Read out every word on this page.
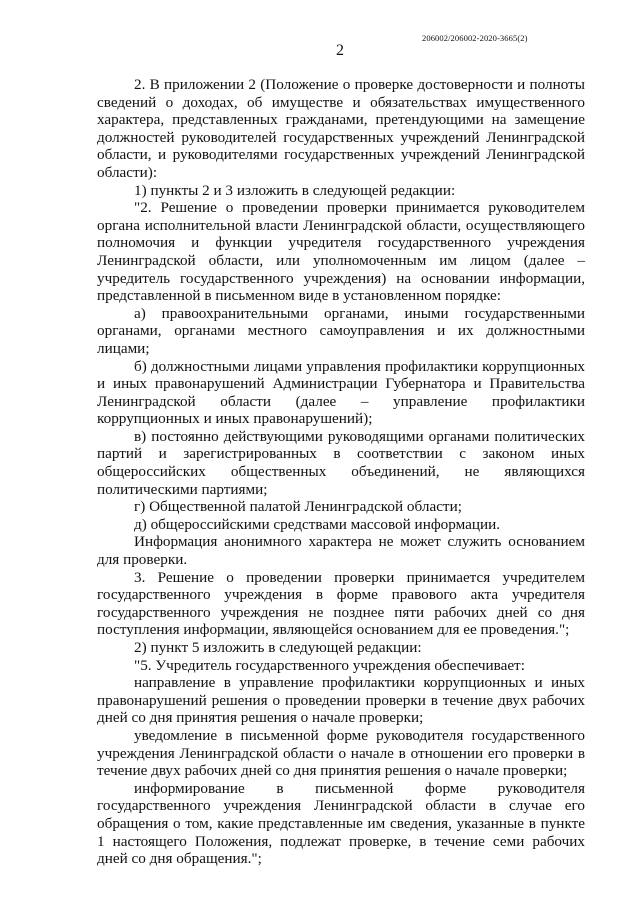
206002/206002-2020-3665(2)
2

2. В приложении 2 (Положение о проверке достоверности и полноты сведений о доходах, об имуществе и обязательствах имущественного характера, представленных гражданами, претендующими на замещение должностей руководителей государственных учреждений Ленинградской области, и руководителями государственных учреждений Ленинградской области):

1) пункты 2 и 3 изложить в следующей редакции:

"2. Решение о проведении проверки принимается руководителем органа исполнительной власти Ленинградской области, осуществляющего полномочия и функции учредителя государственного учреждения Ленинградской области, или уполномоченным им лицом (далее – учредитель государственного учреждения) на основании информации, представленной в письменном виде в установленном порядке:

а) правоохранительными органами, иными государственными органами, органами местного самоуправления и их должностными лицами;

б) должностными лицами управления профилактики коррупционных и иных правонарушений Администрации Губернатора и Правительства Ленинградской области (далее – управление профилактики коррупционных и иных правонарушений);

в) постоянно действующими руководящими органами политических партий и зарегистрированных в соответствии с законом иных общероссийских общественных объединений, не являющихся политическими партиями;

г) Общественной палатой Ленинградской области;

д) общероссийскими средствами массовой информации.

Информация анонимного характера не может служить основанием для проверки.

3. Решение о проведении проверки принимается учредителем государственного учреждения в форме правового акта учредителя государственного учреждения не позднее пяти рабочих дней со дня поступления информации, являющейся основанием для ее проведения.";

2) пункт 5 изложить в следующей редакции:

"5. Учредитель государственного учреждения обеспечивает:

направление в управление профилактики коррупционных и иных правонарушений решения о проведении проверки в течение двух рабочих дней со дня принятия решения о начале проверки;

уведомление в письменной форме руководителя государственного учреждения Ленинградской области о начале в отношении его проверки в течение двух рабочих дней со дня принятия решения о начале проверки;

информирование в письменной форме руководителя государственного учреждения Ленинградской области в случае его обращения о том, какие представленные им сведения, указанные в пункте 1 настоящего Положения, подлежат проверке, в течение семи рабочих дней со дня обращения.";
